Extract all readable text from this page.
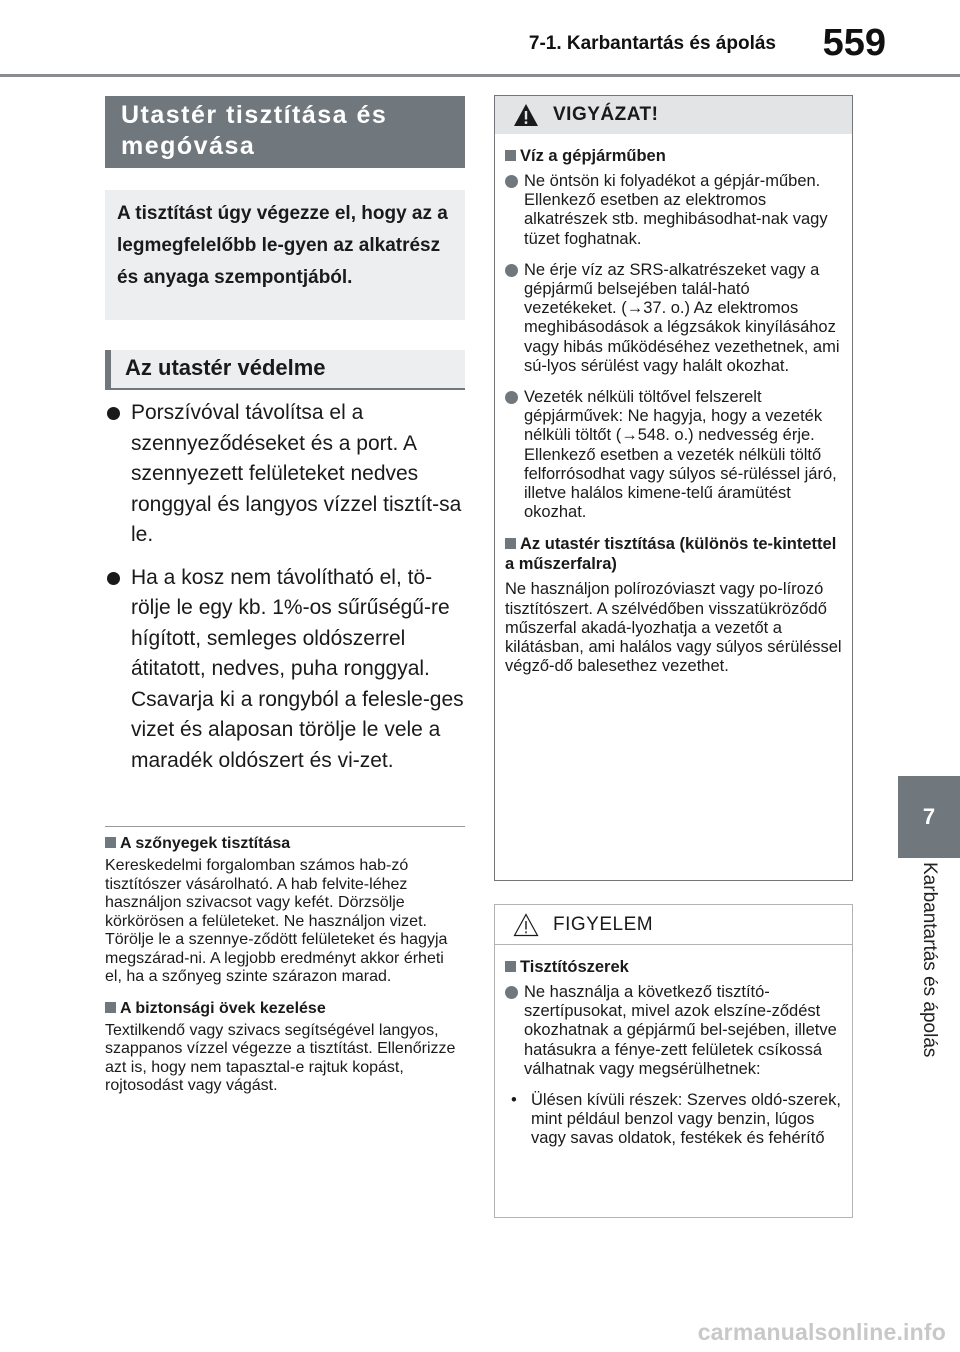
7-1. Karbantartás és ápolás 559
7
Karbantartás és ápolás
Utastér tisztítása és megóvása
A tisztítást úgy végezze el, hogy az a legmegfelelőbb le-gyen az alkatrész és anyaga szempontjából.
Az utastér védelme
Porszívóval távolítsa el a szennyeződéseket és a port. A szennyezett felületeket nedves ronggyal és langyos vízzel tisztít-sa le.
Ha a kosz nem távolítható el, tö-rölje le egy kb. 1%-os sűrűségű-re hígított, semleges oldószerrel átitatott, nedves, puha ronggyal. Csavarja ki a rongyból a felesle-ges vizet és alaposan törölje le vele a maradék oldószert és vi-zet.
A szőnyegek tisztítása
Kereskedelmi forgalomban számos hab-zó tisztítószer vásárolható. A hab felvite-léhez használjon szivacsot vagy kefét. Dörzsölje körkörösen a felületeket. Ne használjon vizet. Törölje le a szennye-ződött felületeket és hagyja megszárad-ni. A legjobb eredményt akkor érheti el, ha a szőnyeg szinte szárazon marad.
A biztonsági övek kezelése
Textilkendő vagy szivacs segítségével langyos, szappanos vízzel végezze a tisztítást. Ellenőrizze azt is, hogy nem tapasztal-e rajtuk kopást, rojtosodást vagy vágást.
VIGYÁZAT!
Víz a gépjárműben
Ne öntsön ki folyadékot a gépjár-műben. Ellenkező esetben az elektromos alkatrészek stb. meghibásodhat-nak vagy tüzet foghatnak.
Ne érje víz az SRS-alkatrészeket vagy a gépjármű belsejében talál-ható vezetékeket. (→37. o.) Az elektromos meghibásodások a légzsákok kinyílásához vagy hibás működéséhez vezethetnek, ami sú-lyos sérülést vagy halált okozhat.
Vezeték nélküli töltővel felszerelt gépjárművek: Ne hagyja, hogy a vezeték nélküli töltőt (→548. o.) nedvesség érje. Ellenkező esetben a vezeték nélküli töltő felforrósodhat vagy súlyos sé-rüléssel járó, illetve halálos kimene-telű áramütést okozhat.
Az utastér tisztítása (különös te-kintettel a műszerfalra)
Ne használjon polírozóviaszt vagy po-lírozó tisztítószert. A szélvédőben visszatükröződő műszerfal akadá-lyozhatja a vezetőt a kilátásban, ami halálos vagy súlyos sérüléssel végző-dő balesethez vezethet.
FIGYELEM
Tisztítószerek
Ne használja a következő tisztító-szertípusokat, mivel azok elszíne-ződést okozhatnak a gépjármű bel-sejében, illetve hatásukra a fénye-zett felületek csíkossá válhatnak vagy megsérülhetnek:
• Ülésen kívüli részek: Szerves oldó-szerek, mint például benzol vagy benzin, lúgos vagy savas oldatok, festékek és fehérítő
carmanualsonline.info
